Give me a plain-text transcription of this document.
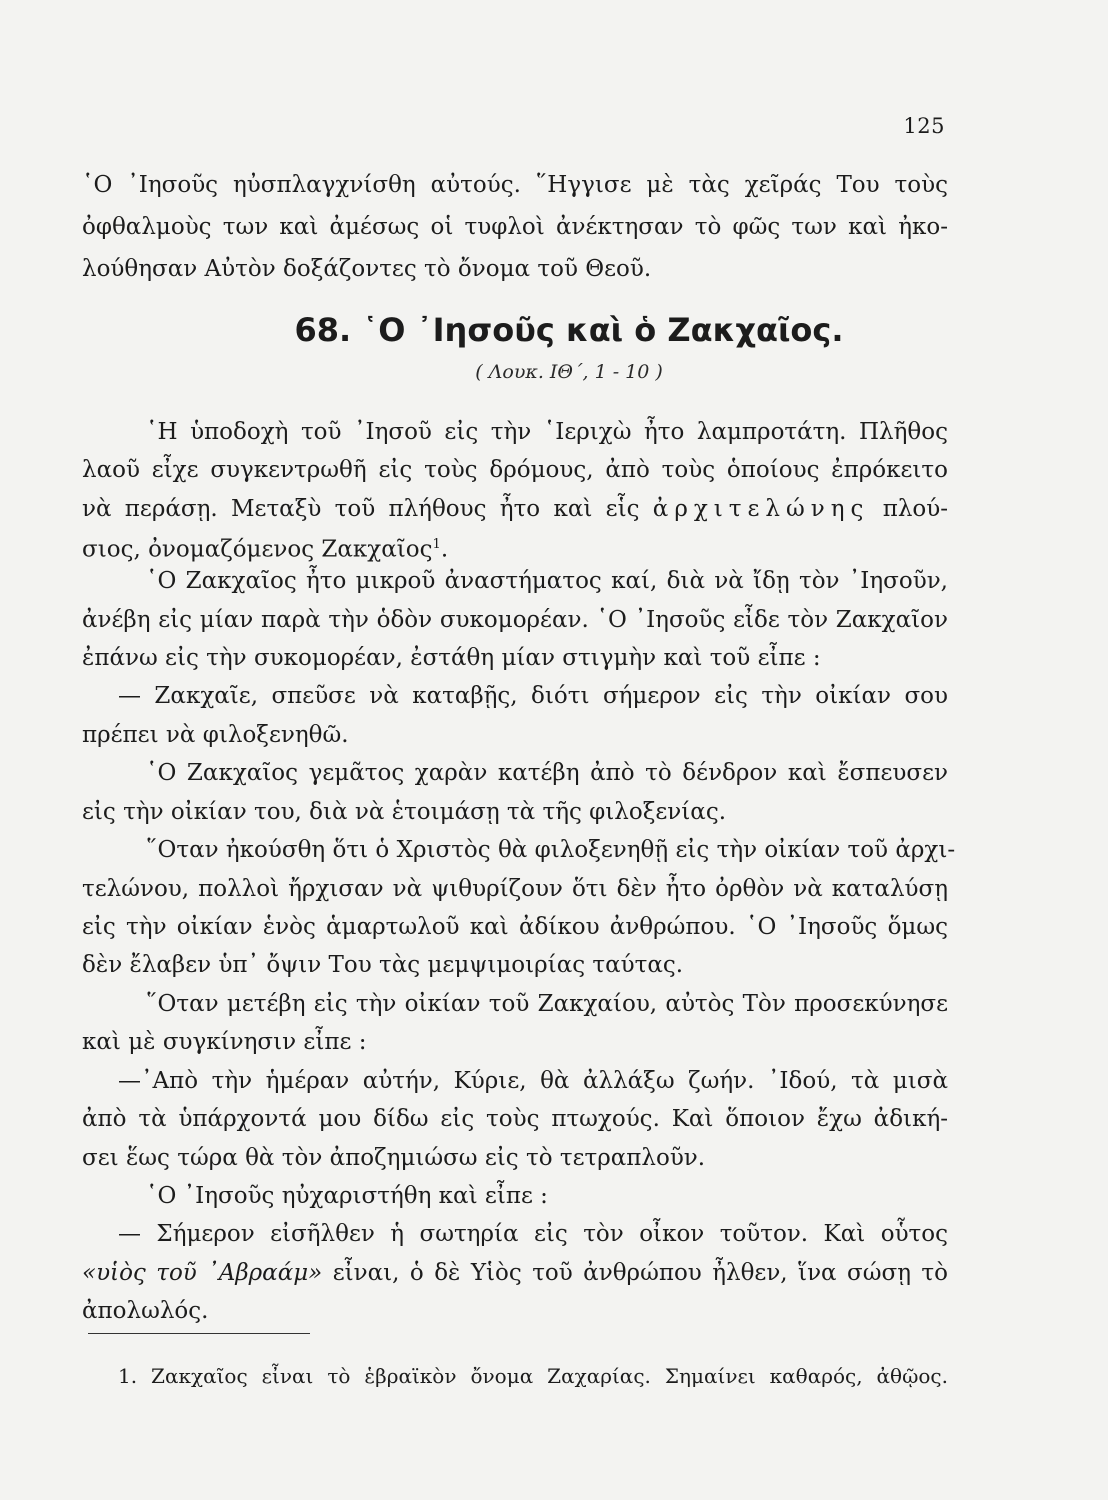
125
῾Ο ᾿Ιησοῦς ηὐσπλαγχνίσθη αὐτούς. ῞Ηγγισε μὲ τὰς χεῖράς Του τοὺς
ὀφθαλμοὺς των καὶ ἀμέσως οἱ τυφλοὶ ἀνέκτησαν τὸ φῶς των καὶ ἠκο-
λούθησαν Αὐτὸν δοξάζοντες τὸ ὄνομα τοῦ Θεοῦ.
68. ῾Ο ᾿Ιησοῦς καὶ ὁ Ζακχαῖος.
( Λουκ. ΙΘ΄, 1 - 10 )
῾Η ὑποδοχὴ τοῦ ᾿Ιησοῦ εἰς τὴν ῾Ιεριχὼ ἦτο λαμπροτάτη. Πλῆθος
λαοῦ εἶχε συγκεντρωθῆ εἰς τοὺς δρόμους, ἀπὸ τοὺς ὁποίους ἐπρόκειτο
νὰ περάσῃ. Μεταξὺ τοῦ πλήθους ἦτο καὶ εἷς ἀρχιτελώνης πλού-
σιος, ὀνομαζόμενος Ζακχαῖος$^1$.
῾Ο Ζακχαῖος ἦτο μικροῦ ἀναστήματος καί, διὰ νὰ ἴδῃ τὸν ᾿Ιησοῦν,
ἀνέβη εἰς μίαν παρὰ τὴν ὁδὸν συκομορέαν. ῾Ο ᾿Ιησοῦς εἶδε τὸν Ζακχαῖον
ἐπάνω εἰς τὴν συκομορέαν, ἐστάθη μίαν στιγμὴν καὶ τοῦ εἶπε :
— Ζακχαῖε, σπεῦσε νὰ καταβῇς, διότι σήμερον εἰς τὴν οἰκίαν σου
πρέπει νὰ φιλοξενηθῶ.
῾Ο Ζακχαῖος γεμᾶτος χαρὰν κατέβη ἀπὸ τὸ δένδρον καὶ ἔσπευσεν
εἰς τὴν οἰκίαν του, διὰ νὰ ἑτοιμάσῃ τὰ τῆς φιλοξενίας.
῞Οταν ἠκούσθη ὅτι ὁ Χριστὸς θὰ φιλοξενηθῇ εἰς τὴν οἰκίαν τοῦ ἀρχι-
τελώνου, πολλοὶ ἤρχισαν νὰ ψιθυρίζουν ὅτι δὲν ἦτο ὀρθὸν νὰ καταλύσῃ
εἰς τὴν οἰκίαν ἑνὸς ἁμαρτωλοῦ καὶ ἀδίκου ἀνθρώπου. ῾Ο ᾿Ιησοῦς ὅμως
δὲν ἔλαβεν ὑπ᾿ ὄψιν Του τὰς μεμψιμοιρίας ταύτας.
῞Οταν μετέβη εἰς τὴν οἰκίαν τοῦ Ζακχαίου, αὐτὸς Τὸν προσεκύνησε
καὶ μὲ συγκίνησιν εἶπε :
—᾿Απὸ τὴν ἡμέραν αὐτήν, Κύριε, θὰ ἀλλάξω ζωήν. ᾿Ιδού, τὰ μισὰ
ἀπὸ τὰ ὑπάρχοντά μου δίδω εἰς τοὺς πτωχούς. Καὶ ὅποιον ἔχω ἀδική-
σει ἕως τώρα θὰ τὸν ἀποζημιώσω εἰς τὸ τετραπλοῦν.
῾Ο ᾿Ιησοῦς ηὐχαριστήθη καὶ εἶπε :
— Σήμερον εἰσῆλθεν ἡ σωτηρία εἰς τὸν οἶκον τοῦτον. Καὶ οὗτος
1. Ζακχαῖος εἶναι τὸ ἑβραϊκὸν ὄνομα Ζαχαρίας. Σημαίνει καθαρός, ἀθῷος.
«υἱὸς τοῦ ᾿Αβραάμ» εἶναι, ὁ δὲ Υἱὸς τοῦ ἀνθρώπου ἦλθεν, ἵνα σώσῃ τὸ
ἀπολωλός.
